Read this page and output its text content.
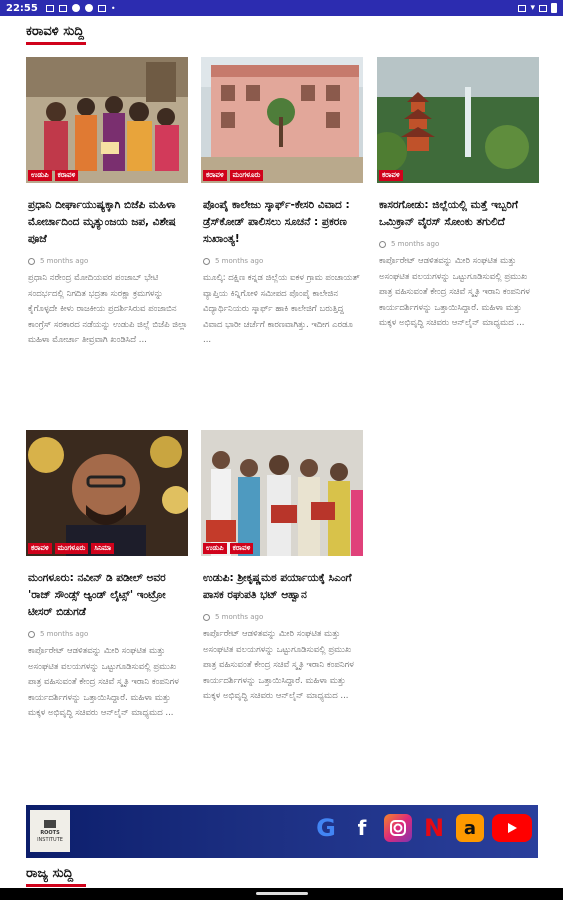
22:55	•	▾
ಕರಾವಳಿ ಸುದ್ದಿ
ಉಡುಪಿ	ಕರಾವಳಿ
ಪ್ರಧಾನಿ ದೀರ್ಘಾಯುಷ್ಯಕ್ಕಾಗಿ ಬಿಜೆಪಿ ಮಹಿಳಾ ಮೋರ್ಚಾದಿಂದ ಮೃತ್ಯುಂಜಯ ಜಪ, ವಿಶೇಷ ಪೂಜೆ
5 months ago
ಪ್ರಧಾನಿ ನರೇಂದ್ರ ಮೋದಿಯವರ ಪಂಜಾಬ್ ಭೇಟಿ ಸಂದರ್ಭದಲ್ಲಿ ನಿಗದಿತ ಭದ್ರತಾ ಸುರಕ್ಷಾ ಕ್ರಮಗಳನ್ನು ಕೈಗೊಳ್ಳದೇ ಕೀಳು ರಾಜಕೀಯ ಪ್ರದರ್ಶಿಸಿರುವ ಪಂಜಾಬಿನ ಕಾಂಗ್ರೆಸ್ ಸರಕಾರದ ನಡೆಯನ್ನು ಉಡುಪಿ ಜಿಲ್ಲೆ ಬಿಜೆಪಿ ಜಿಲ್ಲಾ ಮಹಿಳಾ ಮೋರ್ಚಾ ತೀವ್ರವಾಗಿ ಖಂಡಿಸಿದೆ ...
ಕರಾವಳಿ	ಮಂಗಳೂರು
ಪೊಂಪೈ ಕಾಲೇಜು ಸ್ಕಾರ್ಫ್-ಕೇಸರಿ ವಿವಾದ : ಡ್ರೆಸ್‌ಕೋಡ್ ಪಾಲಿಸಲು ಸೂಚನೆ : ಪ್ರಕರಣ ಸುಖಾಂತ್ಯ!
5 months ago
ಮೂಲ್ಕಿ: ದಕ್ಷಿಣ ಕನ್ನಡ ಜಿಲ್ಲೆಯ ಐಕಳ ಗ್ರಾಮ ಪಂಚಾಯತ್ ವ್ಯಾಪ್ತಿಯ ಕಿನ್ನಿಗೋಳಿ ಸಮೀಪದ ಪೊಂಪೈ ಕಾಲೇಜಿನ ವಿದ್ಯಾರ್ಥಿನಿಯರು ಸ್ಕಾರ್ಫ್ ಹಾಕಿ ಕಾಲೇಜಿಗೆ ಬರುತ್ತಿದ್ದ ವಿವಾದ ಭಾರೀ ಚರ್ಚೆಗೆ ಕಾರಣವಾಗಿತ್ತು. ಇದೀಗ ಎರಡೂ ...
ಕರಾವಳಿ
ಕಾಸರಗೋಡು: ಜಿಲ್ಲೆಯಲ್ಲಿ ಮತ್ತೆ ಇಬ್ಬರಿಗೆ ಒಮಿಕ್ರಾನ್ ವೈರಸ್ ಸೋಂಕು ತಗುಲಿದೆ
5 months ago
ಕಾರ್ಪೊರೇಟ್ ಆಡಳಿತವನ್ನು ಮೀರಿ ಸಂಘಟಿತ ಮತ್ತು ಅಸಂಘಟಿತ ವಲಯಗಳನ್ನು ಒಟ್ಟುಗೂಡಿಸುವಲ್ಲಿ ಪ್ರಮುಖ ಪಾತ್ರ ವಹಿಸುವಂತೆ ಕೇಂದ್ರ ಸಚಿವೆ ಸ್ಮೃತಿ ಇರಾನಿ ಕಂಪನಿಗಳ ಕಾರ್ಯದರ್ಶಿಗಳನ್ನು ಒತ್ತಾಯಿಸಿದ್ದಾರೆ. ಮಹಿಳಾ ಮತ್ತು ಮಕ್ಕಳ ಅಭಿವೃದ್ಧಿ ಸಚಿವರು ಆನ್‌ಲೈನ್ ಮಾಧ್ಯಮದ ...
ಕರಾವಳಿ	ಮಂಗಳೂರು	ಸಿನಿಮಾ
ಮಂಗಳೂರು: ನವೀನ್ ಡಿ ಪಡೀಲ್ ಅವರ 'ರಾಜ್ ಸೌಂಡ್ಸ್ ಆ್ಯಂಡ್ ಲೈಟ್ಸ್' ಇಂಟ್ರೋ ಟೀಸರ್ ಬಿಡುಗಡೆ
5 months ago
ಕಾರ್ಪೊರೇಟ್ ಆಡಳಿತವನ್ನು ಮೀರಿ ಸಂಘಟಿತ ಮತ್ತು ಅಸಂಘಟಿತ ವಲಯಗಳನ್ನು ಒಟ್ಟುಗೂಡಿಸುವಲ್ಲಿ ಪ್ರಮುಖ ಪಾತ್ರ ವಹಿಸುವಂತೆ ಕೇಂದ್ರ ಸಚಿವೆ ಸ್ಮೃತಿ ಇರಾನಿ ಕಂಪನಿಗಳ ಕಾರ್ಯದರ್ಶಿಗಳನ್ನು ಒತ್ತಾಯಿಸಿದ್ದಾರೆ. ಮಹಿಳಾ ಮತ್ತು ಮಕ್ಕಳ ಅಭಿವೃದ್ಧಿ ಸಚಿವರು ಆನ್‌ಲೈನ್ ಮಾಧ್ಯಮದ ...
ಉಡುಪಿ	ಕರಾವಳಿ
ಉಡುಪಿ: ಶ್ರೀಕೃಷ್ಣಮಠ ಪರ್ಯಾಯಕ್ಕೆ ಸಿಎಂಗೆ ಪಾಸಕ ರಘುಪತಿ ಭಟ್ ಆಹ್ವಾನ
5 months ago
ಕಾರ್ಪೊರೇಟ್ ಆಡಳಿತವನ್ನು ಮೀರಿ ಸಂಘಟಿತ ಮತ್ತು ಅಸಂಘಟಿತ ವಲಯಗಳನ್ನು ಒಟ್ಟುಗೂಡಿಸುವಲ್ಲಿ ಪ್ರಮುಖ ಪಾತ್ರ ವಹಿಸುವಂತೆ ಕೇಂದ್ರ ಸಚಿವೆ ಸ್ಮೃತಿ ಇರಾನಿ ಕಂಪನಿಗಳ ಕಾರ್ಯದರ್ಶಿಗಳನ್ನು ಒತ್ತಾಯಿಸಿದ್ದಾರೆ. ಮಹಿಳಾ ಮತ್ತು ಮಕ್ಕಳ ಅಭಿವೃದ್ಧಿ ಸಚಿವರು ಆನ್‌ಲೈನ್ ಮಾಧ್ಯಮದ ...
ROOTS
INSTITUTE	G	f	N	a
ರಾಜ್ಯ ಸುದ್ದಿ
